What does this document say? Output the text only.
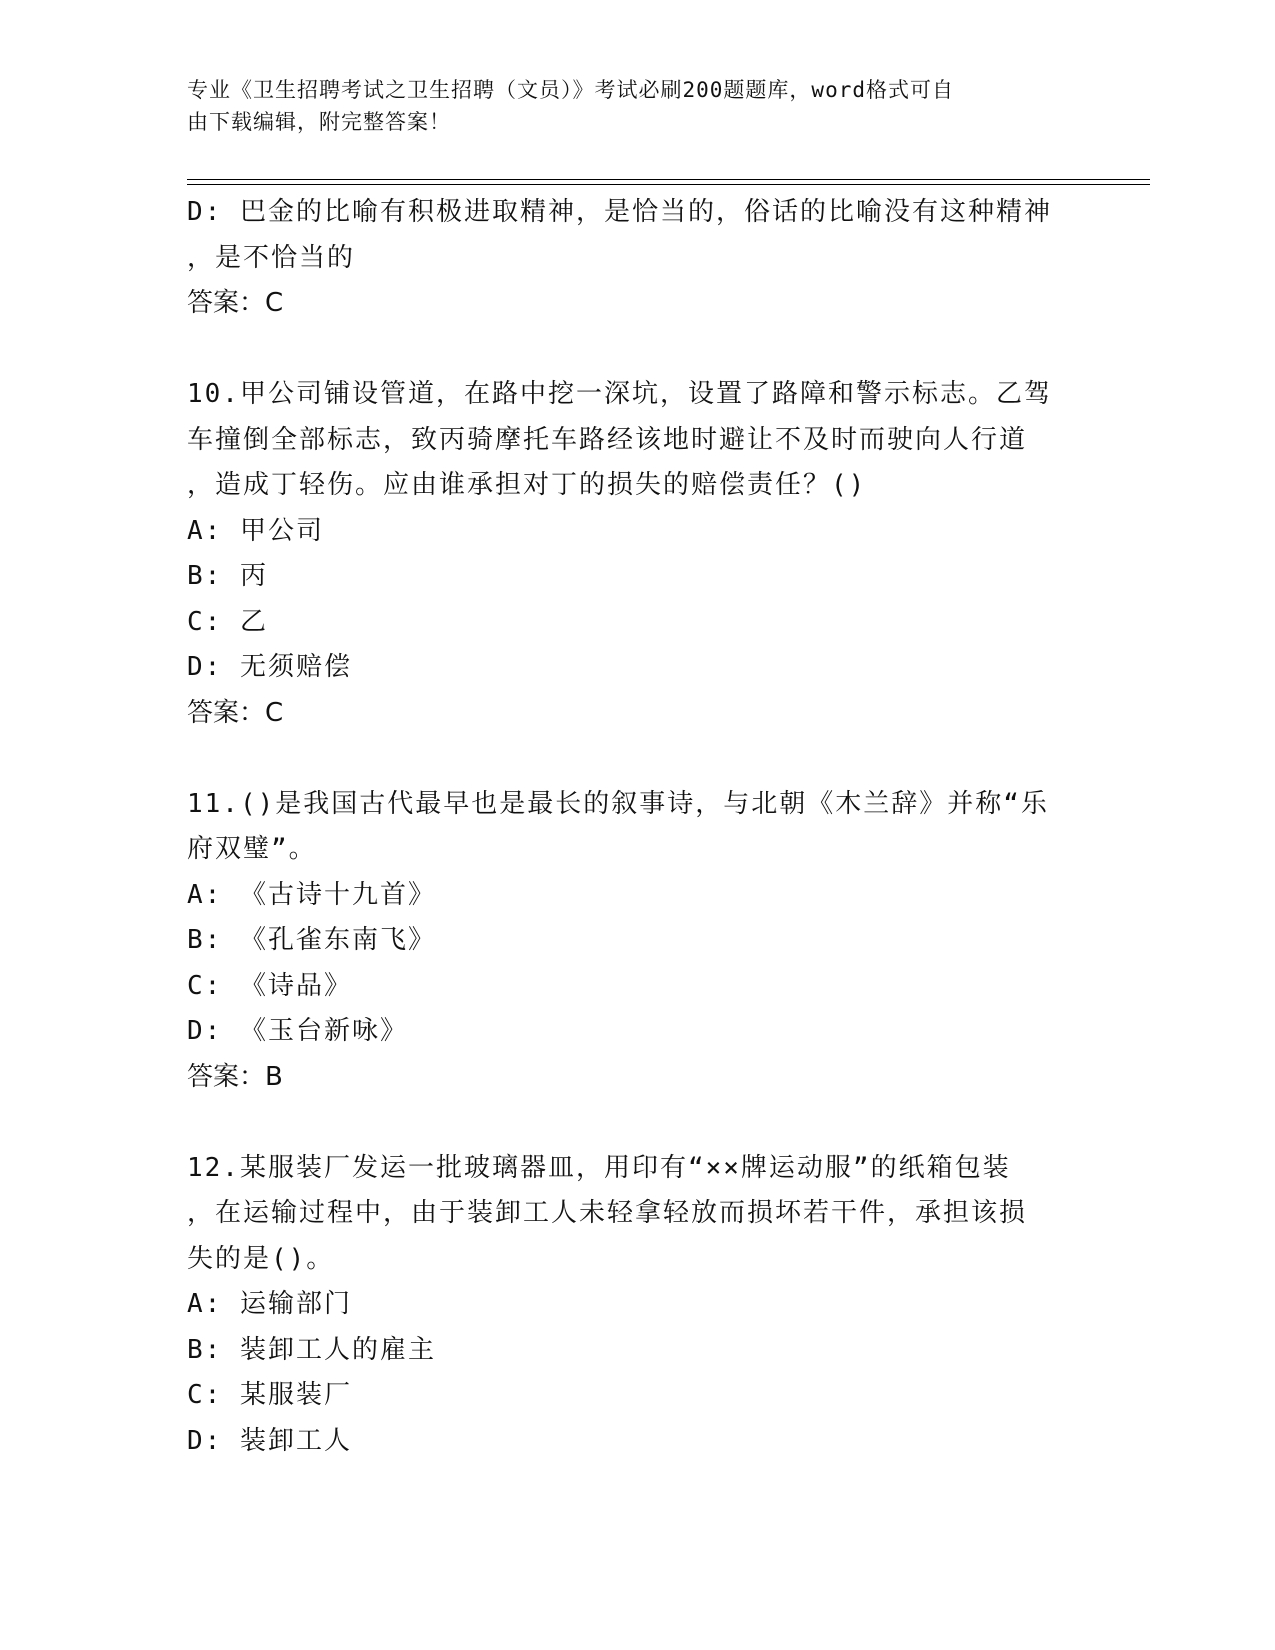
专业《卫生招聘考试之卫生招聘（文员）》考试必刷200题题库，word格式可自
由下载编辑，附完整答案！
D: 巴金的比喻有积极进取精神，是恰当的，俗话的比喻没有这种精神
，是不恰当的
答案：C
10.甲公司铺设管道，在路中挖一深坑，设置了路障和警示标志。乙驾
车撞倒全部标志，致丙骑摩托车路经该地时避让不及时而驶向人行道
，造成丁轻伤。应由谁承担对丁的损失的赔偿责任？()
A: 甲公司
B: 丙
C: 乙
D: 无须赔偿
答案：C
11.()是我国古代最早也是最长的叙事诗，与北朝《木兰辞》并称“乐
府双璧”。
A: 《古诗十九首》
B: 《孔雀东南飞》
C: 《诗品》
D: 《玉台新咏》
答案：B
12.某服装厂发运一批玻璃器皿，用印有“××牌运动服”的纸箱包装
，在运输过程中，由于装卸工人未轻拿轻放而损坏若干件，承担该损
失的是()。
A: 运输部门
B: 装卸工人的雇主
C: 某服装厂
D: 装卸工人
